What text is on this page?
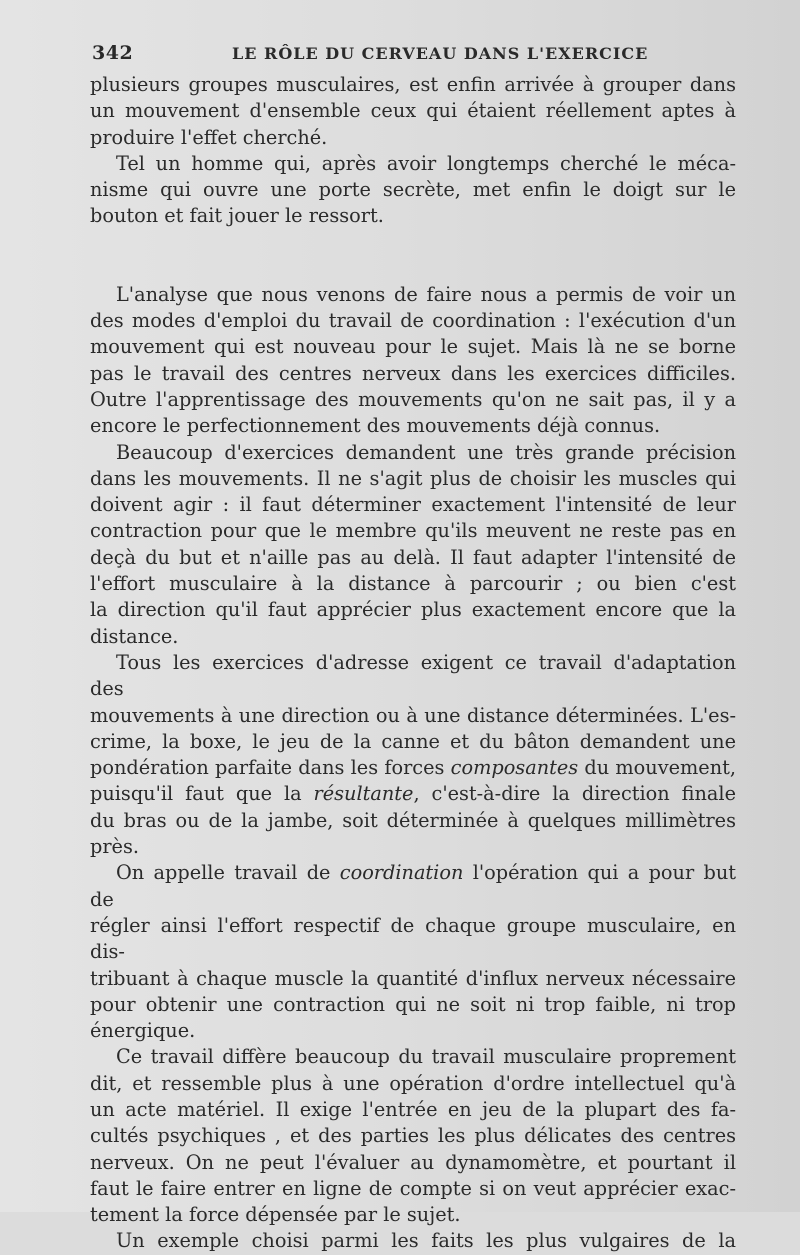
342	LE RÔLE DU CERVEAU DANS L'EXERCICE

plusieurs groupes musculaires, est enfin arrivée à grouper dans

un mouvement d'ensemble ceux qui étaient réellement aptes à

produire l'effet cherché.

Tel un homme qui, après avoir longtemps cherché le méca-

nisme qui ouvre une porte secrète, met enfin le doigt sur le

bouton et fait jouer le ressort.

L'analyse que nous venons de faire nous a permis de voir un

des modes d'emploi du travail de coordination : l'exécution d'un

mouvement qui est nouveau pour le sujet. Mais là ne se borne

pas le travail des centres nerveux dans les exercices difficiles.

Outre l'apprentissage des mouvements qu'on ne sait pas, il y a

encore le perfectionnement des mouvements déjà connus.

Beaucoup d'exercices demandent une très grande précision

dans les mouvements. Il ne s'agit plus de choisir les muscles qui

doivent agir : il faut déterminer exactement l'intensité de leur

contraction pour que le membre qu'ils meuvent ne reste pas en

deçà du but et n'aille pas au delà. Il faut adapter l'intensité de

l'effort musculaire à la distance à parcourir ; ou bien c'est

la direction qu'il faut apprécier plus exactement encore que la

distance.

Tous les exercices d'adresse exigent ce travail d'adaptation des

mouvements à une direction ou à une distance déterminées. L'es-

crime, la boxe, le jeu de la canne et du bâton demandent une

pondération parfaite dans les forces composantes du mouvement,

puisqu'il faut que la résultante, c'est-à-dire la direction finale

du bras ou de la jambe, soit déterminée à quelques millimètres

près.

On appelle travail de coordination l'opération qui a pour but de

régler ainsi l'effort respectif de chaque groupe musculaire, en dis-

tribuant à chaque muscle la quantité d'influx nerveux nécessaire

pour obtenir une contraction qui ne soit ni trop faible, ni trop

énergique.

Ce travail diffère beaucoup du travail musculaire proprement

dit, et ressemble plus à une opération d'ordre intellectuel qu'à

un acte matériel. Il exige l'entrée en jeu de la plupart des fa-

cultés psychiques , et des parties les plus délicates des centres

nerveux. On ne peut l'évaluer au dynamomètre, et pourtant il

faut le faire entrer en ligne de compte si on veut apprécier exac-

tement la force dépensée par le sujet.

Un exemple choisi parmi les faits les plus vulgaires de la
